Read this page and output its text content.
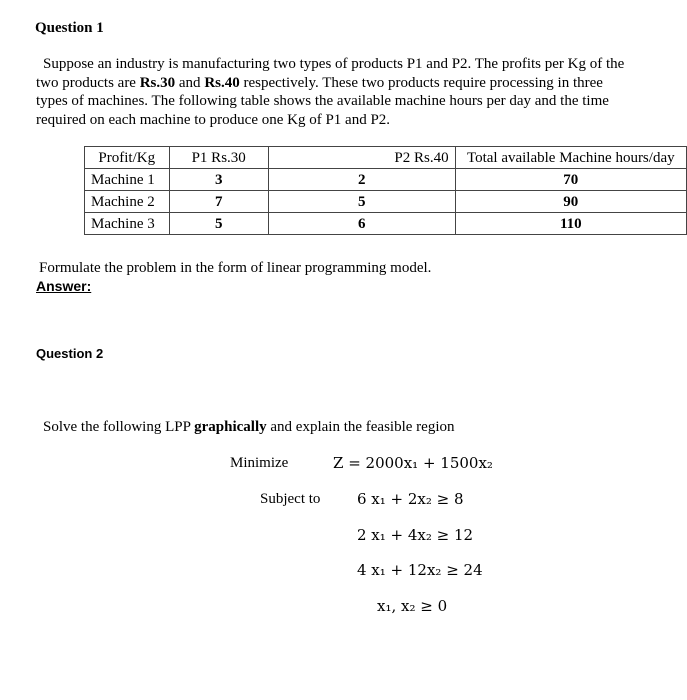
Question 1
Suppose an industry is manufacturing two types of products P1 and P2. The profits per Kg of the
two products are Rs.30 and Rs.40 respectively. These two products require processing in three
types of machines. The following table shows the available machine hours per day and the time
required on each machine to produce one Kg of P1 and P2.
Profit/Kg	P1 Rs.30	P2 Rs.40	Total available Machine hours/day
Machine 1	3	2	70
Machine 2	7	5	90
Machine 3	5	6	110
Formulate the problem in the form of linear programming model.
Answer:
Question 2
Solve the following LPP graphically and explain the feasible region
Minimize	Z = 2000x₁ + 1500x₂
Subject to 6 x₁ + 2x₂ ≥ 8
2 x₁ + 4x₂ ≥ 12
4 x₁ + 12x₂ ≥ 24
x₁, x₂ ≥ 0
